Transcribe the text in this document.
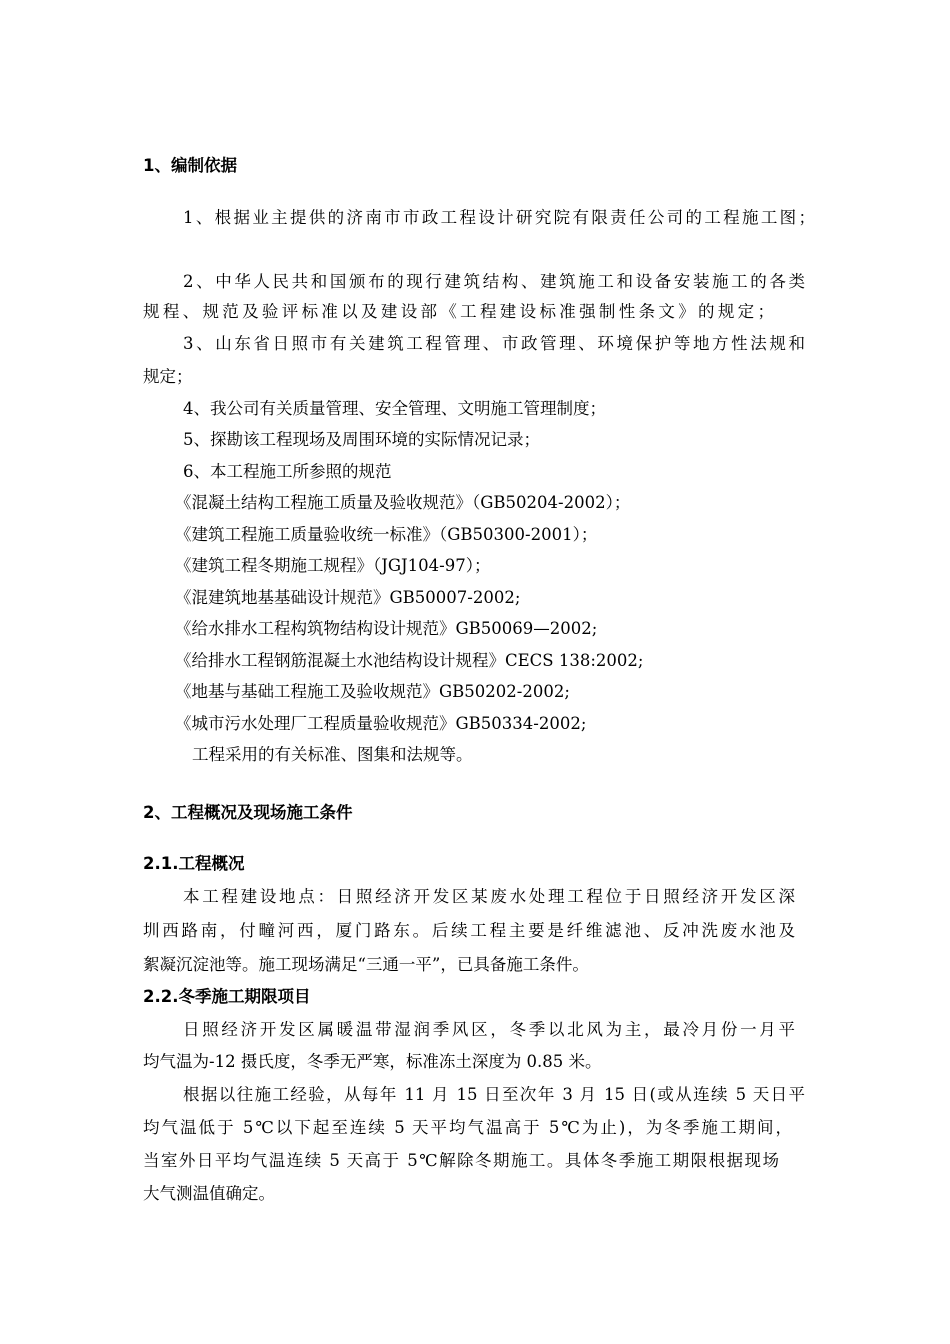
1、编制依据
1、根据业主提供的济南市市政工程设计研究院有限责任公司的工程施工图；
2、中华人民共和国颁布的现行建筑结构、建筑施工和设备安装施工的各类
规程、规范及验评标准以及建设部《工程建设标准强制性条文》的规定；
3、山东省日照市有关建筑工程管理、市政管理、环境保护等地方性法规和
规定；
4、我公司有关质量管理、安全管理、文明施工管理制度；
5、探勘该工程现场及周围环境的实际情况记录；
6、本工程施工所参照的规范
《混凝土结构工程施工质量及验收规范》（GB50204-2002）；
《建筑工程施工质量验收统一标准》（GB50300-2001）；
《建筑工程冬期施工规程》（JGJ104-97）；
《混建筑地基基础设计规范》GB50007-2002;
《给水排水工程构筑物结构设计规范》GB50069—2002;
《给排水工程钢筋混凝土水池结构设计规程》CECS 138:2002;
《地基与基础工程施工及验收规范》GB50202-2002;
《城市污水处理厂工程质量验收规范》GB50334-2002;
工程采用的有关标准、图集和法规等。
2、工程概况及现场施工条件
2.1.工程概况
本工程建设地点：日照经济开发区某废水处理工程位于日照经济开发区深
圳西路南，付疃河西，厦门路东。后续工程主要是纤维滤池、反冲洗废水池及
絮凝沉淀池等。施工现场满足“三通一平”，已具备施工条件。
2.2.冬季施工期限项目
日照经济开发区属暖温带湿润季风区，冬季以北风为主，最冷月份一月平
均气温为-12 摄氏度，冬季无严寒，标准冻土深度为 0.85 米。
根据以往施工经验，从每年 11 月 15 日至次年 3 月 15 日(或从连续 5 天日平
均气温低于 5℃以下起至连续 5 天平均气温高于 5℃为止)，为冬季施工期间，
当室外日平均气温连续 5 天高于 5℃解除冬期施工。具体冬季施工期限根据现场
大气测温值确定。
